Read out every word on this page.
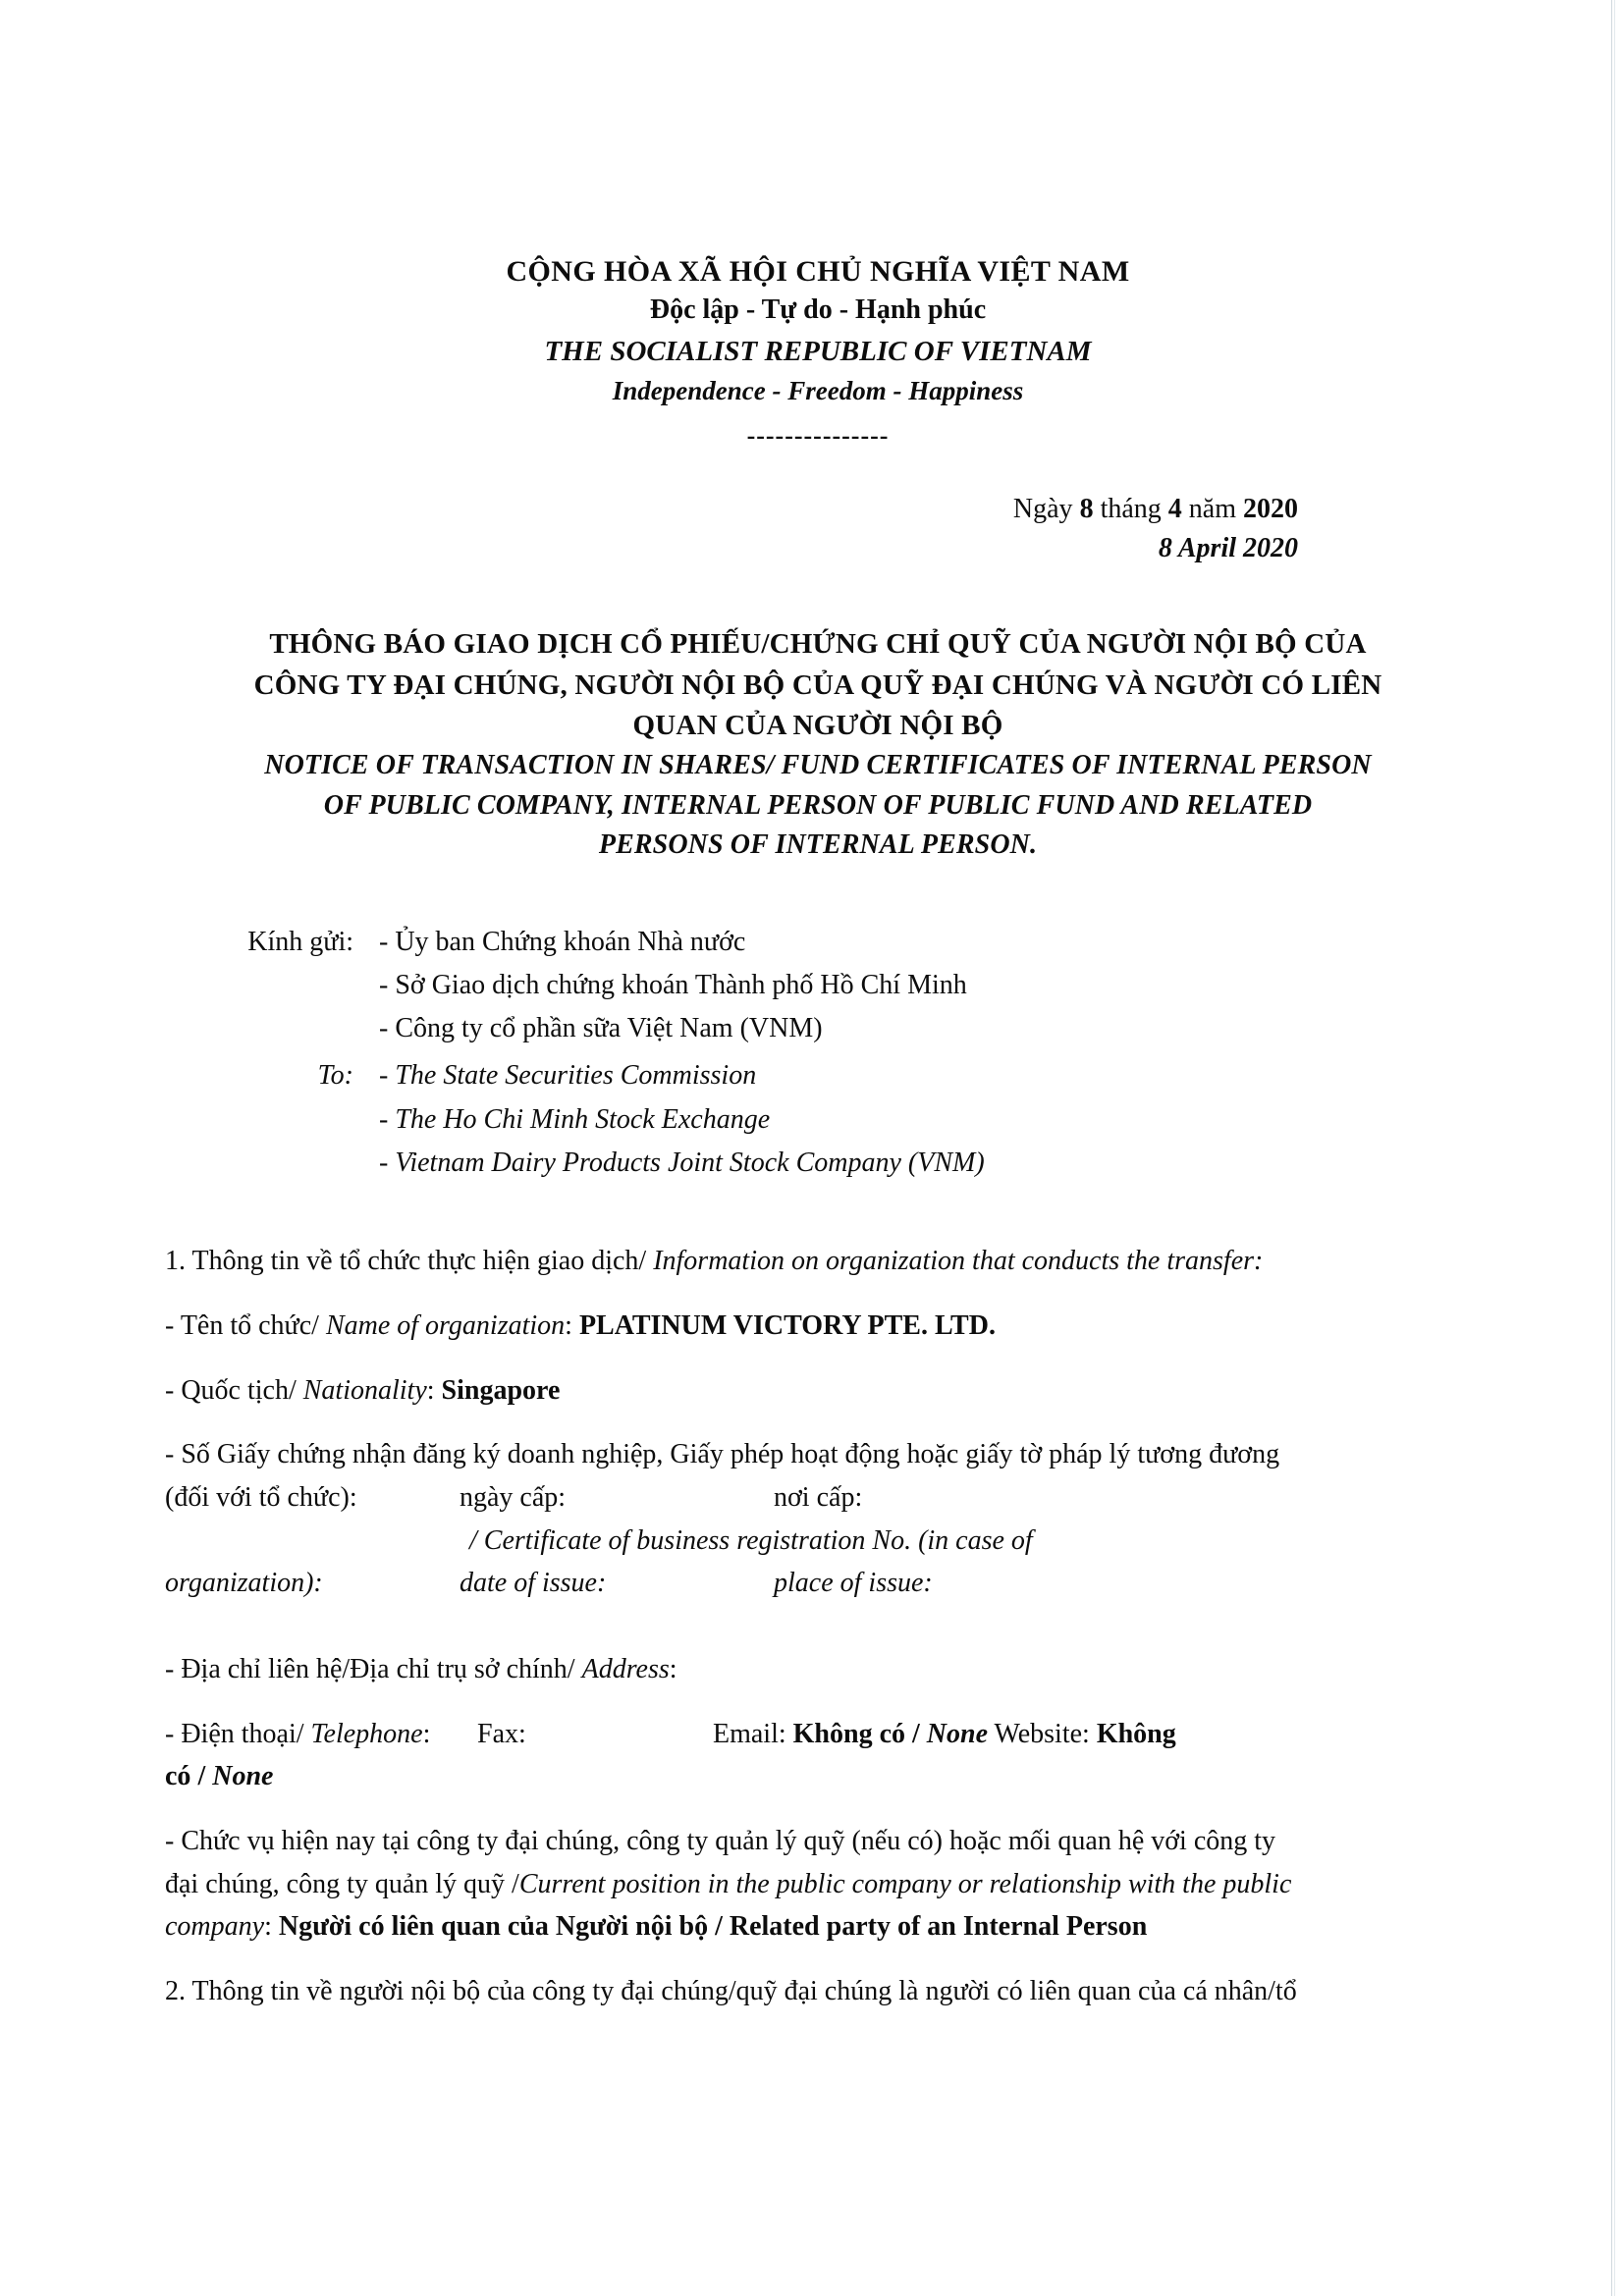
CỘNG HÒA XÃ HỘI CHỦ NGHĨA VIỆT NAM
Độc lập - Tự do - Hạnh phúc
THE SOCIALIST REPUBLIC OF VIETNAM
Independence - Freedom - Happiness
---------------
Ngày 8 tháng 4 năm 2020
8 April 2020
THÔNG BÁO GIAO DỊCH CỔ PHIẾU/CHỨNG CHỈ QUỸ CỦA NGƯỜI NỘI BỘ CỦA
CÔNG TY ĐẠI CHÚNG, NGƯỜI NỘI BỘ CỦA QUỸ ĐẠI CHÚNG VÀ NGƯỜI CÓ LIÊN
QUAN CỦA NGƯỜI NỘI BỘ
NOTICE OF TRANSACTION IN SHARES/ FUND CERTIFICATES OF INTERNAL PERSON
OF PUBLIC COMPANY, INTERNAL PERSON OF PUBLIC FUND AND RELATED
PERSONS OF INTERNAL PERSON.
Kính gửi: - Ủy ban Chứng khoán Nhà nước
- Sở Giao dịch chứng khoán Thành phố Hồ Chí Minh
- Công ty cổ phần sữa Việt Nam (VNM)
To: - The State Securities Commission
- The Ho Chi Minh Stock Exchange
- Vietnam Dairy Products Joint Stock Company (VNM)

1. Thông tin về tổ chức thực hiện giao dịch/ Information on organization that conducts the transfer:

- Tên tổ chức/ Name of organization: PLATINUM VICTORY PTE. LTD.

- Quốc tịch/ Nationality: Singapore

- Số Giấy chứng nhận đăng ký doanh nghiệp, Giấy phép hoạt động hoặc giấy tờ pháp lý tương đương

(đối với tổ chức):	ngày cấp:	nơi cấp:

/ Certificate of business registration No. (in case of

organization):	date of issue:	place of issue:

- Địa chỉ liên hệ/Địa chỉ trụ sở chính/ Address:

- Điện thoại/ Telephone:	Fax:	Email: Không có / None Website: Không

có / None

- Chức vụ hiện nay tại công ty đại chúng, công ty quản lý quỹ (nếu có) hoặc mối quan hệ với công ty

đại chúng, công ty quản lý quỹ /Current position in the public company or relationship with the public

company: Người có liên quan của Người nội bộ / Related party of an Internal Person

2. Thông tin về người nội bộ của công ty đại chúng/quỹ đại chúng là người có liên quan của cá nhân/tổ
